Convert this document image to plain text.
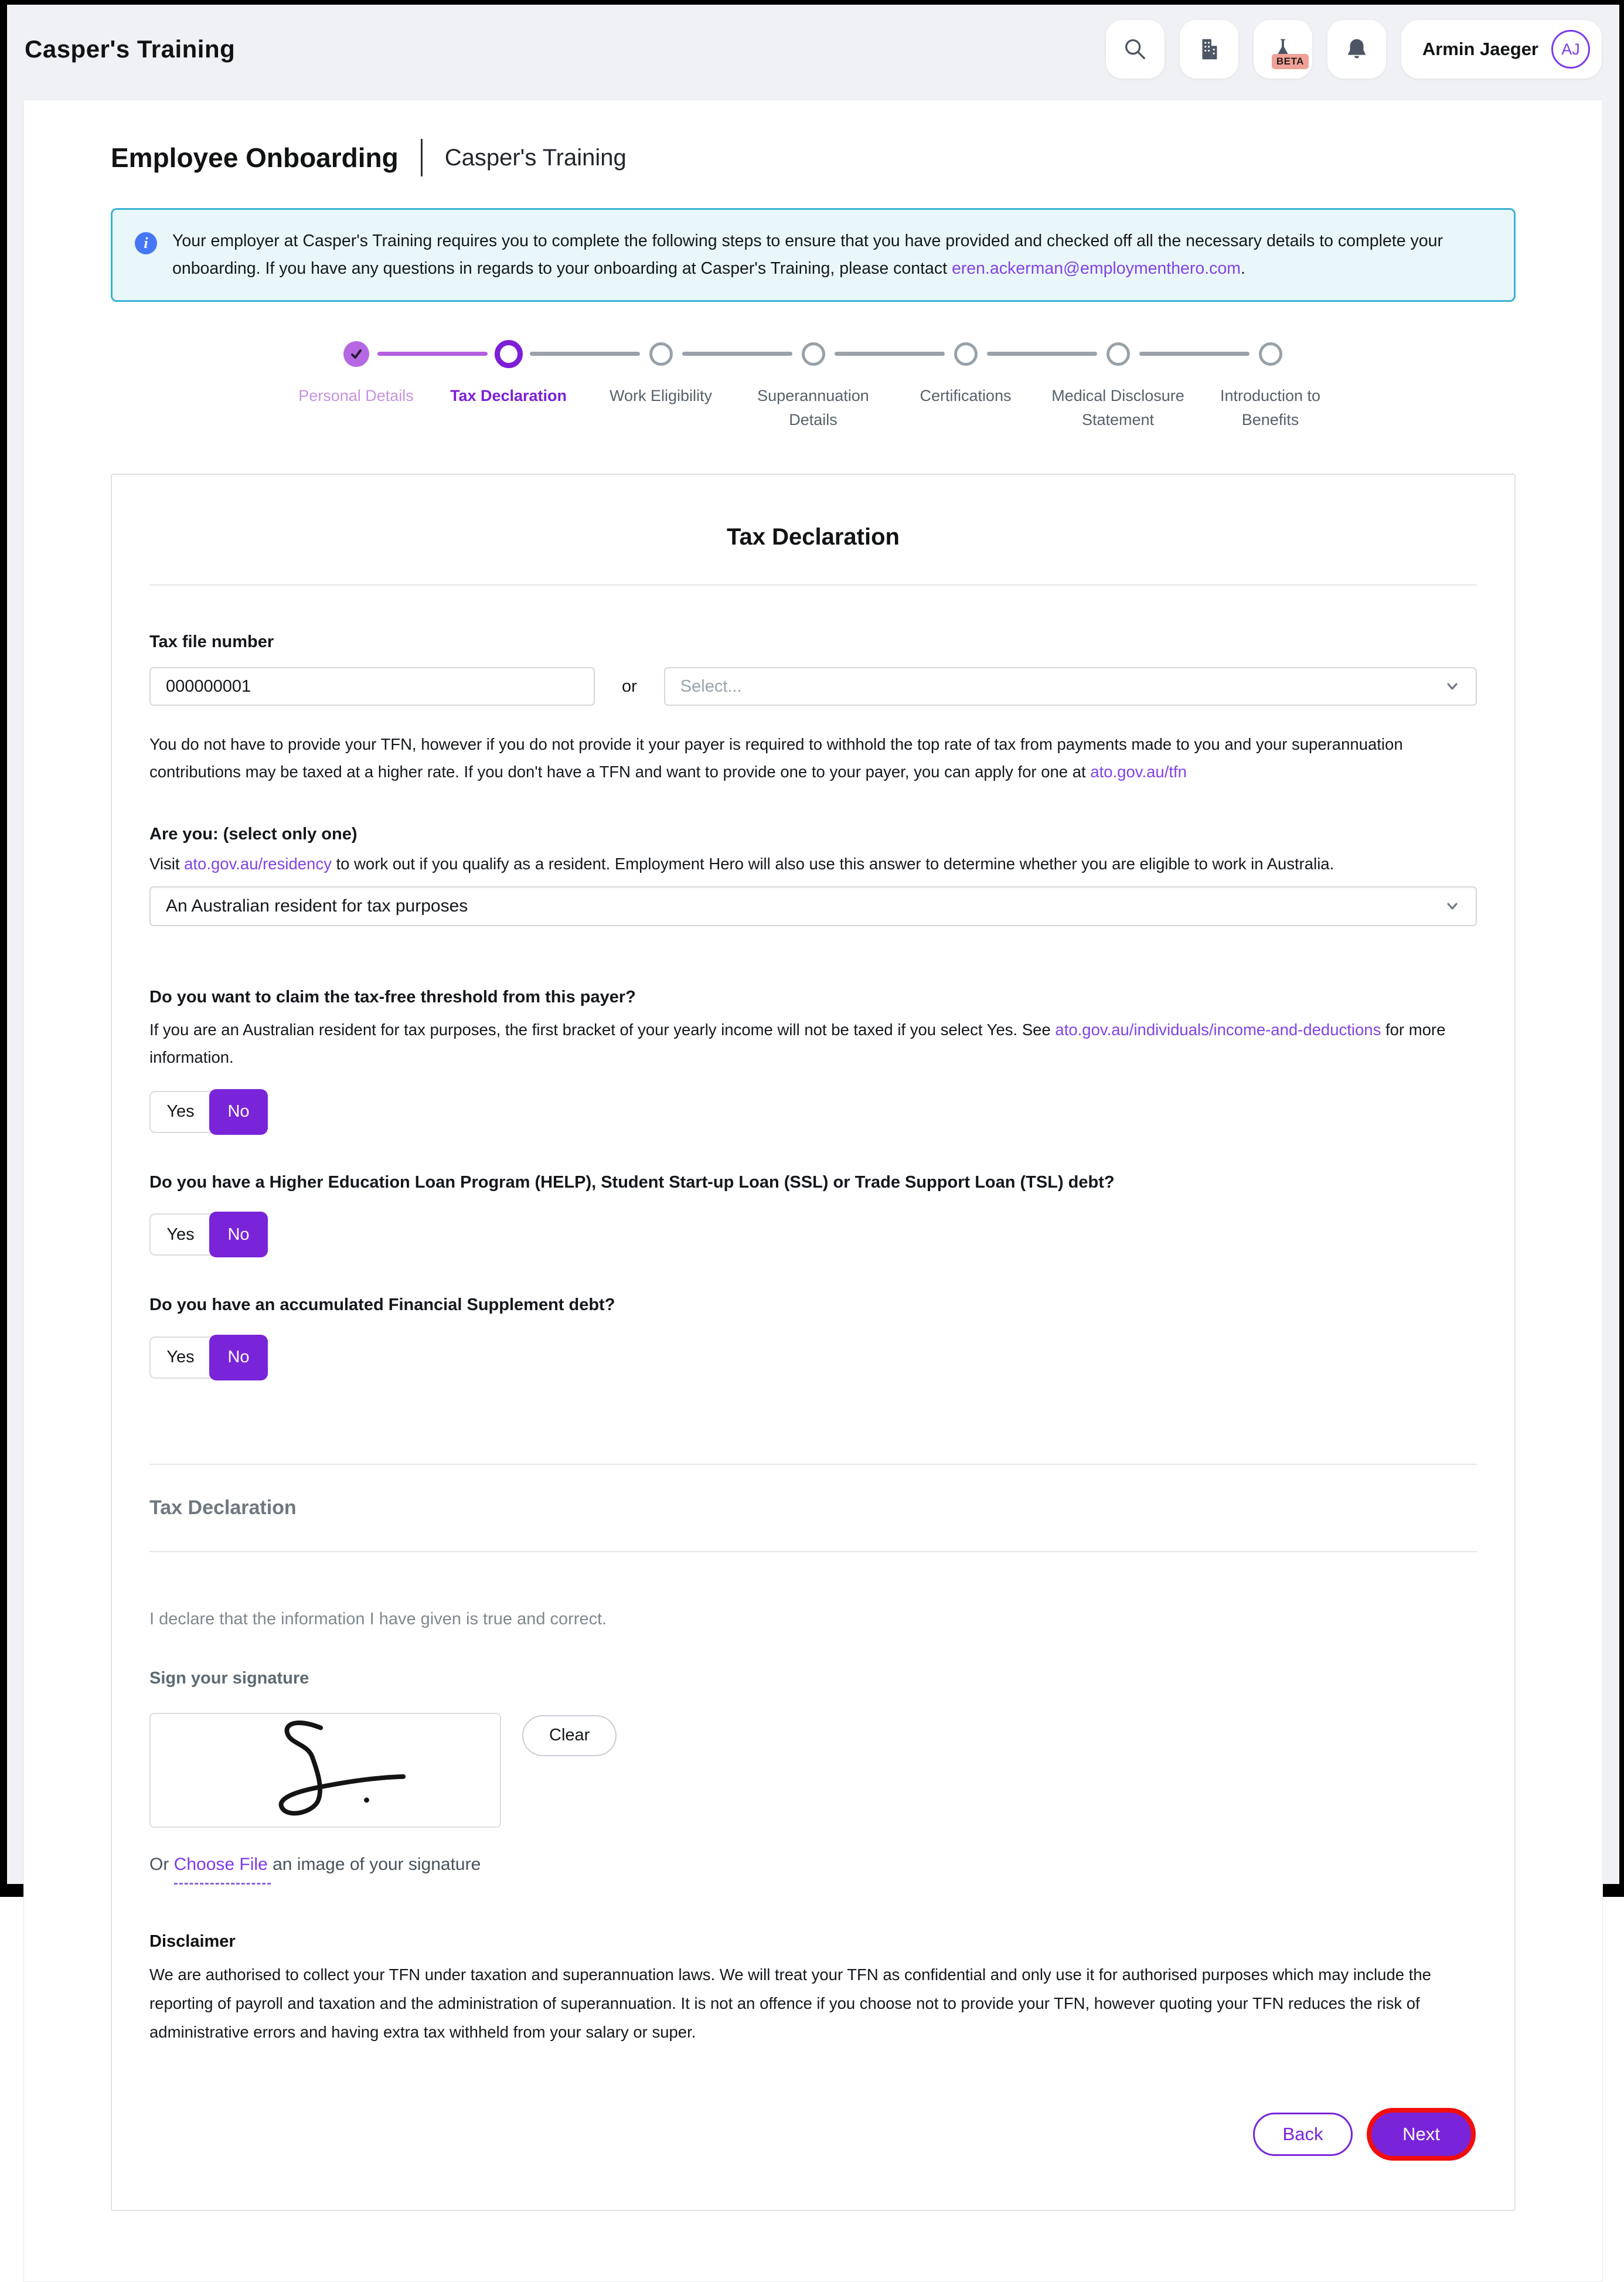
Casper's Training	BETA
Armin Jaeger	AJ
Employee Onboarding Casper's Training
i	Your employer at Casper's Training requires you to complete the following steps to ensure that you have provided and checked off all the necessary details to complete your onboarding. If you have any questions in regards to your onboarding at Casper's Training, please contact eren.ackerman@employmenthero.com.

Personal Details	Tax Declaration	Work Eligibility	Superannuation Details
Certifications	Medical Disclosure Statement
Introduction to Benefits
Tax Declaration
Tax file number
000000001
or	Select...

You do not have to provide your TFN, however if you do not provide it your payer is required to withhold the top rate of tax from payments made to you and your superannuation contributions may be taxed at a higher rate. If you don't have a TFN and want to provide one to your payer, you can apply for one at ato.gov.au/tfn

Are you: (select only one)

Visit ato.gov.au/residency to work out if you qualify as a resident. Employment Hero will also use this answer to determine whether you are eligible to work in Australia.

An Australian resident for tax purposes
Do you want to claim the tax-free threshold from this payer?

If you are an Australian resident for tax purposes, the first bracket of your yearly income will not be taxed if you select Yes. See ato.gov.au/individuals/income-and-deductions for more information.

Yes	No
Do you have a Higher Education Loan Program (HELP), Student Start-up Loan (SSL) or Trade Support Loan (TSL) debt?
Yes	No
Do you have an accumulated Financial Supplement debt?
Yes	No
Tax Declaration

I declare that the information I have given is true and correct.

Sign your signature
Clear

Or Choose File an image of your signature

Disclaimer

We are authorised to collect your TFN under taxation and superannuation laws. We will treat your TFN as confidential and only use it for authorised purposes which may include the reporting of payroll and taxation and the administration of superannuation. It is not an offence if you choose not to provide your TFN, however quoting your TFN reduces the risk of administrative errors and having extra tax withheld from your salary or super.

Back	Next
